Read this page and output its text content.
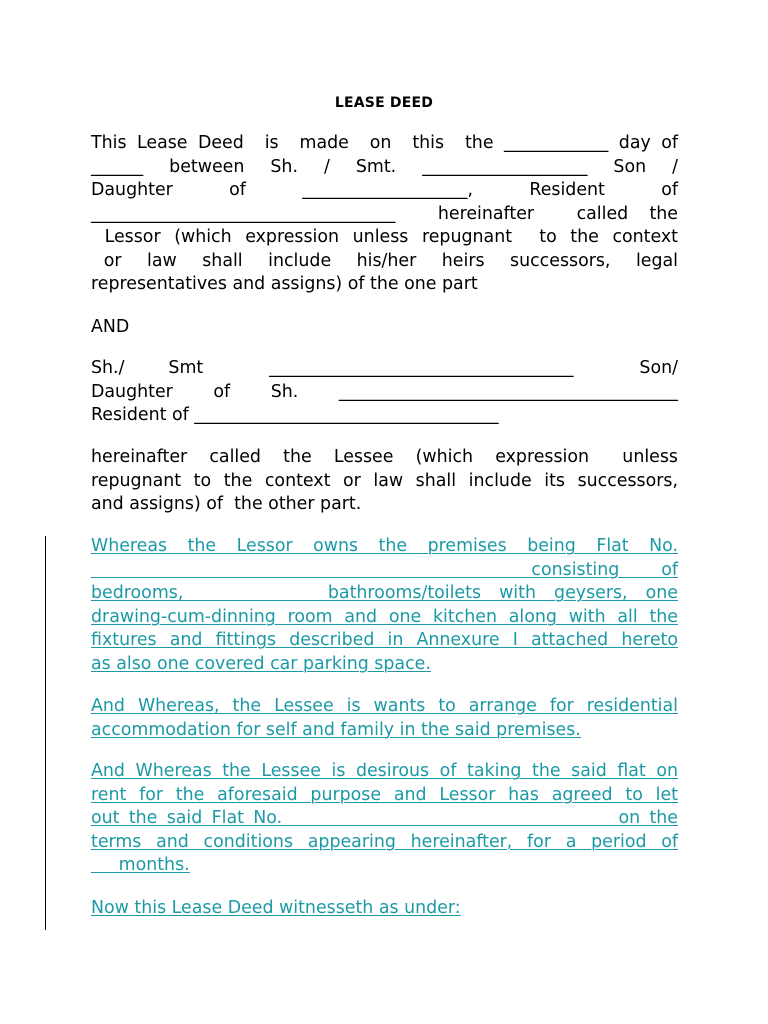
LEASE DEED
This Lease Deed  is  made  on  this  the ____________ day of
______  between  Sh.  /  Smt.  ___________________  Son  /
Daughter    of    ___________________,    Resident    of
___________________________________  hereinafter  called the
Lessor (which expression unless repugnant  to the context
or  law  shall  include  his/her  heirs  successors,  legal
representatives and assigns) of the one part
AND
Sh./  Smt   ___________________________________   Son/
Daughter of Sh. _______________________________________
Resident of ___________________________________
hereinafter  called  the  Lessee  (which  expression   unless
repugnant to the context or law shall include its successors,
and assigns) of  the other part.
Whereas  the  Lessor  owns  the  premises  being  Flat  No.
consisting    of
bedrooms,                bathrooms/toilets  with  geysers,  one
drawing-cum-dinning room and one kitchen along with all the
fixtures and fittings described in Annexure I attached hereto
as also one covered car parking space.
And Whereas, the Lessee is wants to arrange for residential
accommodation for self and family in the said premises.
And Whereas the Lessee is desirous of taking the said flat on
rent for the aforesaid purpose and Lessor has agreed to let
out the said Flat No.                                    on the
terms  and  conditions  appearing  hereinafter,  for  a  period  of
months.
Now this Lease Deed witnesseth as under:
